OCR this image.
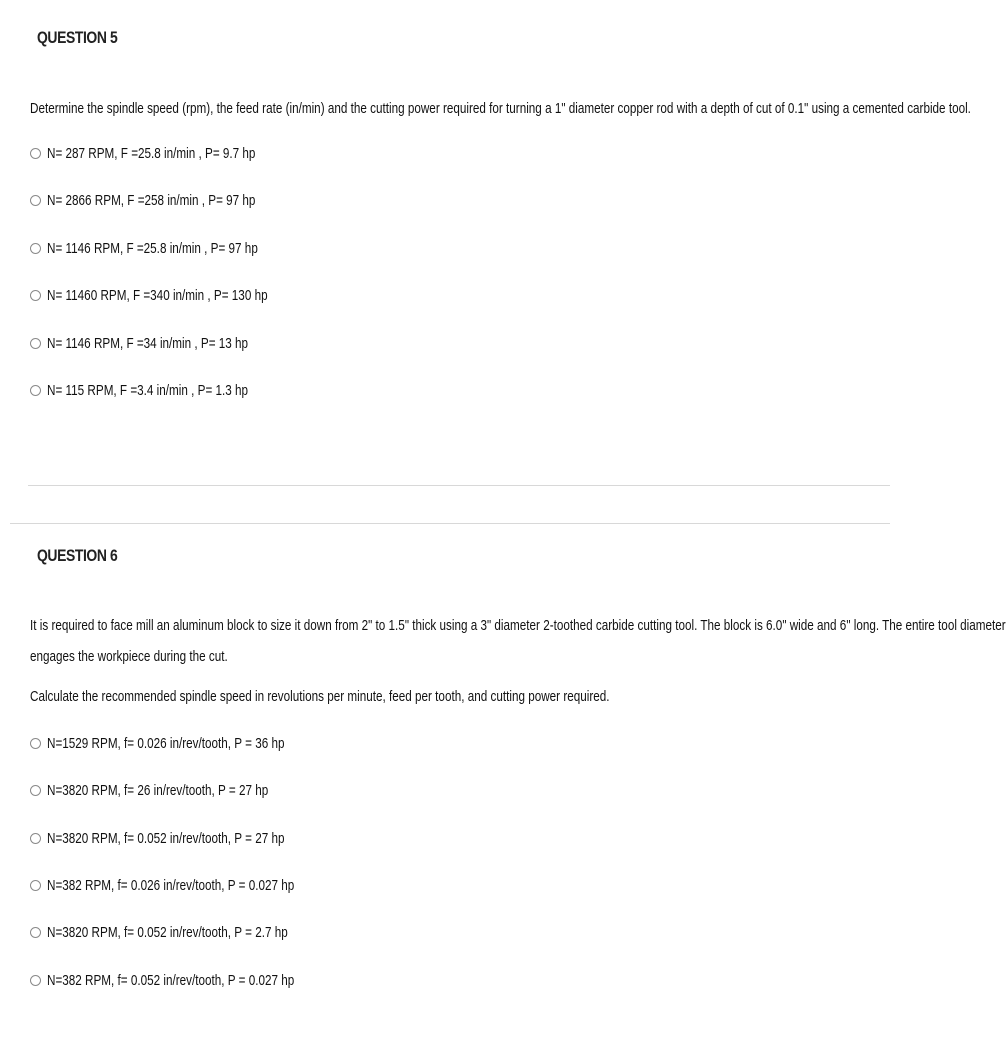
QUESTION 5
Determine the spindle speed (rpm), the feed rate (in/min) and the cutting power required for turning a 1" diameter copper rod with a depth of cut of 0.1" using a cemented carbide tool.
N= 287 RPM, F =25.8 in/min , P= 9.7 hp
N= 2866 RPM, F =258 in/min , P= 97 hp
N= 1146 RPM, F =25.8 in/min , P= 97 hp
N= 11460 RPM, F =340 in/min , P= 130 hp
N= 1146 RPM, F =34 in/min , P= 13 hp
N= 115 RPM, F =3.4 in/min , P= 1.3 hp
QUESTION 6
It is required to face mill an aluminum block to size it down from 2" to 1.5" thick using a 3" diameter 2-toothed carbide cutting tool. The block is 6.0" wide and 6" long. The entire tool diameter
engages the workpiece during the cut.
Calculate the recommended spindle speed in revolutions per minute, feed per tooth, and cutting power required.
N=1529 RPM, f= 0.026 in/rev/tooth, P = 36 hp
N=3820 RPM, f= 26 in/rev/tooth, P = 27 hp
N=3820 RPM, f= 0.052 in/rev/tooth, P = 27 hp
N=382 RPM, f= 0.026 in/rev/tooth, P = 0.027 hp
N=3820 RPM, f= 0.052 in/rev/tooth, P = 2.7 hp
N=382 RPM, f= 0.052 in/rev/tooth, P = 0.027 hp
